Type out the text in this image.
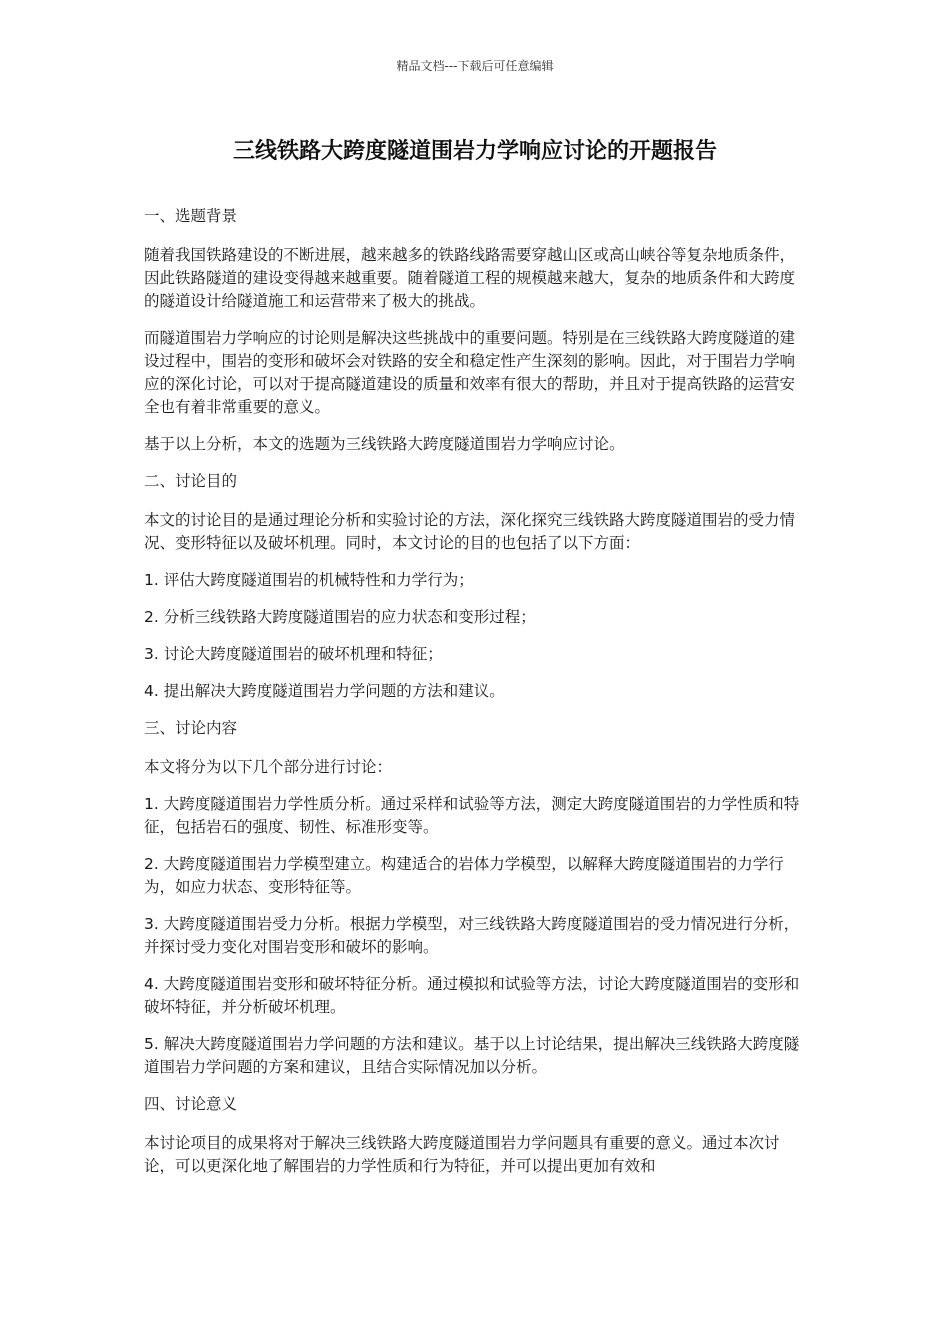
精品文档---下载后可任意编辑
三线铁路大跨度隧道围岩力学响应讨论的开题报告

一、选题背景

随着我国铁路建设的不断进展，越来越多的铁路线路需要穿越山区或高山峡谷等复杂地质条件，因此铁路隧道的建设变得越来越重要。随着隧道工程的规模越来越大，复杂的地质条件和大跨度的隧道设计给隧道施工和运营带来了极大的挑战。

而隧道围岩力学响应的讨论则是解决这些挑战中的重要问题。特别是在三线铁路大跨度隧道的建设过程中，围岩的变形和破坏会对铁路的安全和稳定性产生深刻的影响。因此，对于围岩力学响应的深化讨论，可以对于提高隧道建设的质量和效率有很大的帮助，并且对于提高铁路的运营安全也有着非常重要的意义。

基于以上分析，本文的选题为三线铁路大跨度隧道围岩力学响应讨论。

二、讨论目的

本文的讨论目的是通过理论分析和实验讨论的方法，深化探究三线铁路大跨度隧道围岩的受力情况、变形特征以及破坏机理。同时，本文讨论的目的也包括了以下方面：

1. 评估大跨度隧道围岩的机械特性和力学行为；

2. 分析三线铁路大跨度隧道围岩的应力状态和变形过程；

3. 讨论大跨度隧道围岩的破坏机理和特征；

4. 提出解决大跨度隧道围岩力学问题的方法和建议。

三、讨论内容

本文将分为以下几个部分进行讨论：

1. 大跨度隧道围岩力学性质分析。通过采样和试验等方法，测定大跨度隧道围岩的力学性质和特征，包括岩石的强度、韧性、标准形变等。

2. 大跨度隧道围岩力学模型建立。构建适合的岩体力学模型，以解释大跨度隧道围岩的力学行为，如应力状态、变形特征等。

3. 大跨度隧道围岩受力分析。根据力学模型，对三线铁路大跨度隧道围岩的受力情况进行分析，并探讨受力变化对围岩变形和破坏的影响。

4. 大跨度隧道围岩变形和破坏特征分析。通过模拟和试验等方法，讨论大跨度隧道围岩的变形和破坏特征，并分析破坏机理。

5. 解决大跨度隧道围岩力学问题的方法和建议。基于以上讨论结果，提出解决三线铁路大跨度隧道围岩力学问题的方案和建议，且结合实际情况加以分析。

四、讨论意义

本讨论项目的成果将对于解决三线铁路大跨度隧道围岩力学问题具有重要的意义。通过本次讨论，可以更深化地了解围岩的力学性质和行为特征，并可以提出更加有效和
